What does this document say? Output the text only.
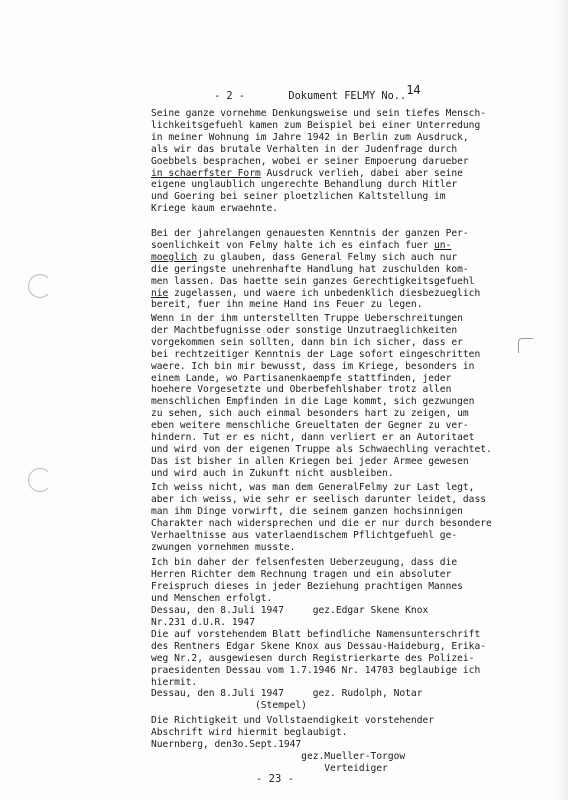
- 2 -	Dokument FELMY No..14
Seine ganze vornehme Denkungsweise und sein tiefes Mensch-
lichkeitsgefuehl kamen zum Beispiel bei einer Unterredung
in meiner Wohnung im Jahre 1942 in Berlin zum Ausdruck,
als wir das brutale Verhalten in der Judenfrage durch
Goebbels besprachen, wobei er seiner Empoerung darueber
in schaerfster Form Ausdruck verlieh, dabei aber seine
eigene unglaublich ungerechte Behandlung durch Hitler
und Goering bei seiner ploetzlichen Kaltstellung im
Kriege kaum erwaehnte.
Bei der jahrelangen genauesten Kenntnis der ganzen Per-
soenlichkeit von Felmy halte ich es einfach fuer un-
moeglich zu glauben, dass General Felmy sich auch nur
die geringste unehrenhafte Handlung hat zuschulden kom-
men lassen. Das haette sein ganzes Gerechtigkeitsgefuehl
nie zugelassen, und waere ich unbedenklich diesbezueglich
bereit, fuer ihn meine Hand ins Feuer zu legen.
Wenn in der ihm unterstellten Truppe Ueberschreitungen
der Machtbefugnisse oder sonstige Unzutraeglichkeiten
vorgekommen sein sollten, dann bin ich sicher, dass er
bei rechtzeitiger Kenntnis der Lage sofort eingeschritten
waere. Ich bin mir bewusst, dass im Kriege, besonders in
einem Lande, wo Partisanenkaempfe stattfinden, jeder
hoehere Vorgesetzte und Oberbefehlshaber trotz allen
menschlichen Empfinden in die Lage kommt, sich gezwungen
zu sehen, sich auch einmal besonders hart zu zeigen, um
eben weitere menschliche Greueltaten der Gegner zu ver-
hindern. Tut er es nicht, dann verliert er an Autoritaet
und wird von der eigenen Truppe als Schwaechling verachtet.
Das ist bisher in allen Kriegen bei jeder Armee gewesen
und wird auch in Zukunft nicht ausbleiben.
Ich weiss nicht, was man dem GeneralFelmy zur Last legt,
aber ich weiss, wie sehr er seelisch darunter leidet, dass
man ihm Dinge vorwirft, die seinem ganzen hochsinnigen
Charakter nach widersprechen und die er nur durch besondere
Verhaeltnisse aus vaterlaendischem Pflichtgefuehl ge-
zwungen vornehmen musste.
Ich bin daher der felsenfesten Ueberzeugung, dass die
Herren Richter dem Rechnung tragen und ein absoluter
Freispruch dieses in jeder Beziehung prachtigen Mannes
und Menschen erfolgt.
Dessau, den 8.Juli 1947     gez.Edgar Skene Knox
Nr.231 d.U.R. 1947
Die auf vorstehendem Blatt befindliche Namensunterschrift
des Rentners Edgar Skene Knox aus Dessau-Haideburg, Erika-
weg Nr.2, ausgewiesen durch Registrierkarte des Polizei-
praesidenten Dessau vom 1.7.1946 Nr. 14703 beglaubige ich
hiermit.
Dessau, den 8.Juli 1947     gez. Rudolph, Notar
(Stempel)
Die Richtigkeit und Vollstaendigkeit vorstehender
Abschrift wird hiermit beglaubigt.
Nuernberg, den3o.Sept.1947
gez.Mueller-Torgow
Verteidiger
- 23 -
